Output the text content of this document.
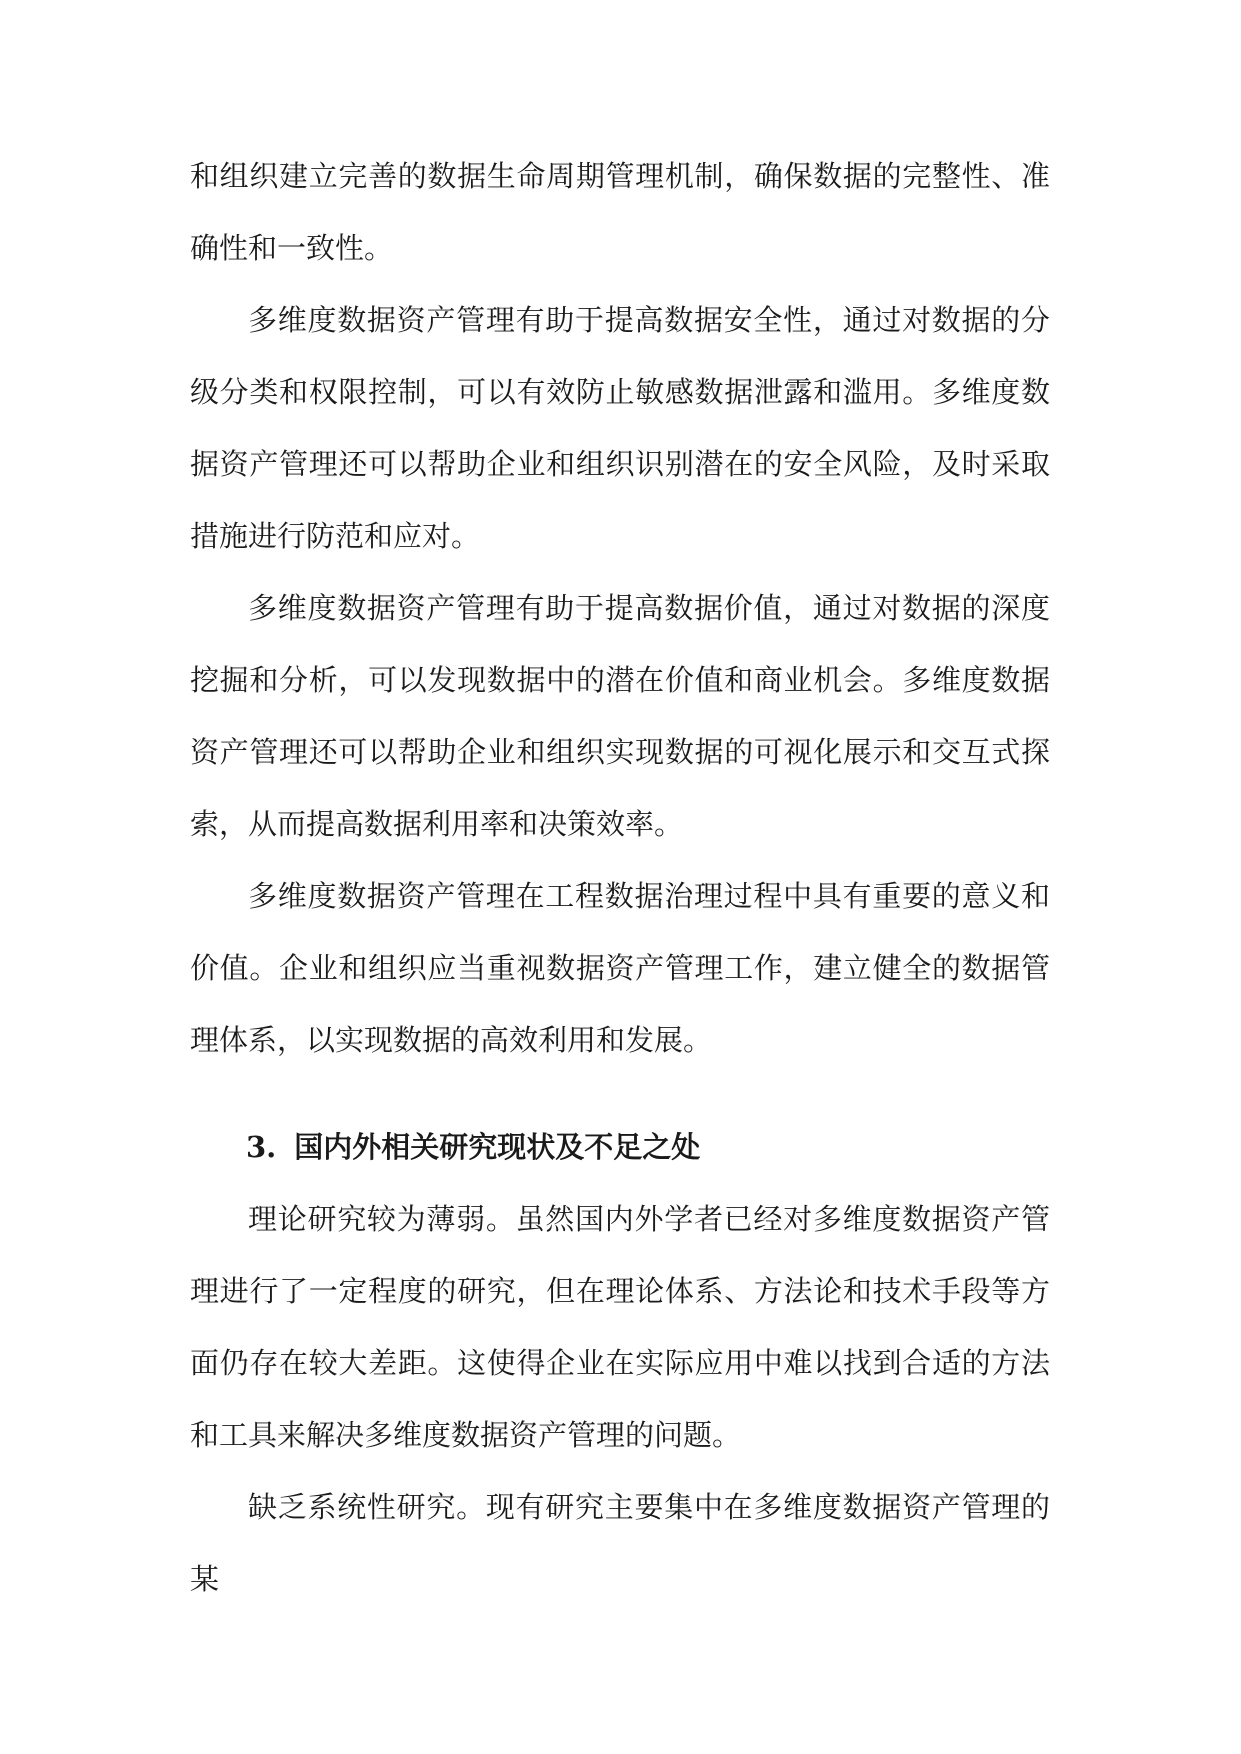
和组织建立完善的数据生命周期管理机制，确保数据的完整性、准确性和一致性。

多维度数据资产管理有助于提高数据安全性，通过对数据的分级分类和权限控制，可以有效防止敏感数据泄露和滥用。多维度数据资产管理还可以帮助企业和组织识别潜在的安全风险，及时采取措施进行防范和应对。

多维度数据资产管理有助于提高数据价值，通过对数据的深度挖掘和分析，可以发现数据中的潜在价值和商业机会。多维度数据资产管理还可以帮助企业和组织实现数据的可视化展示和交互式探索，从而提高数据利用率和决策效率。

多维度数据资产管理在工程数据治理过程中具有重要的意义和价值。企业和组织应当重视数据资产管理工作，建立健全的数据管理体系，以实现数据的高效利用和发展。

3. 国内外相关研究现状及不足之处

理论研究较为薄弱。虽然国内外学者已经对多维度数据资产管理进行了一定程度的研究，但在理论体系、方法论和技术手段等方面仍存在较大差距。这使得企业在实际应用中难以找到合适的方法和工具来解决多维度数据资产管理的问题。

缺乏系统性研究。现有研究主要集中在多维度数据资产管理的某
